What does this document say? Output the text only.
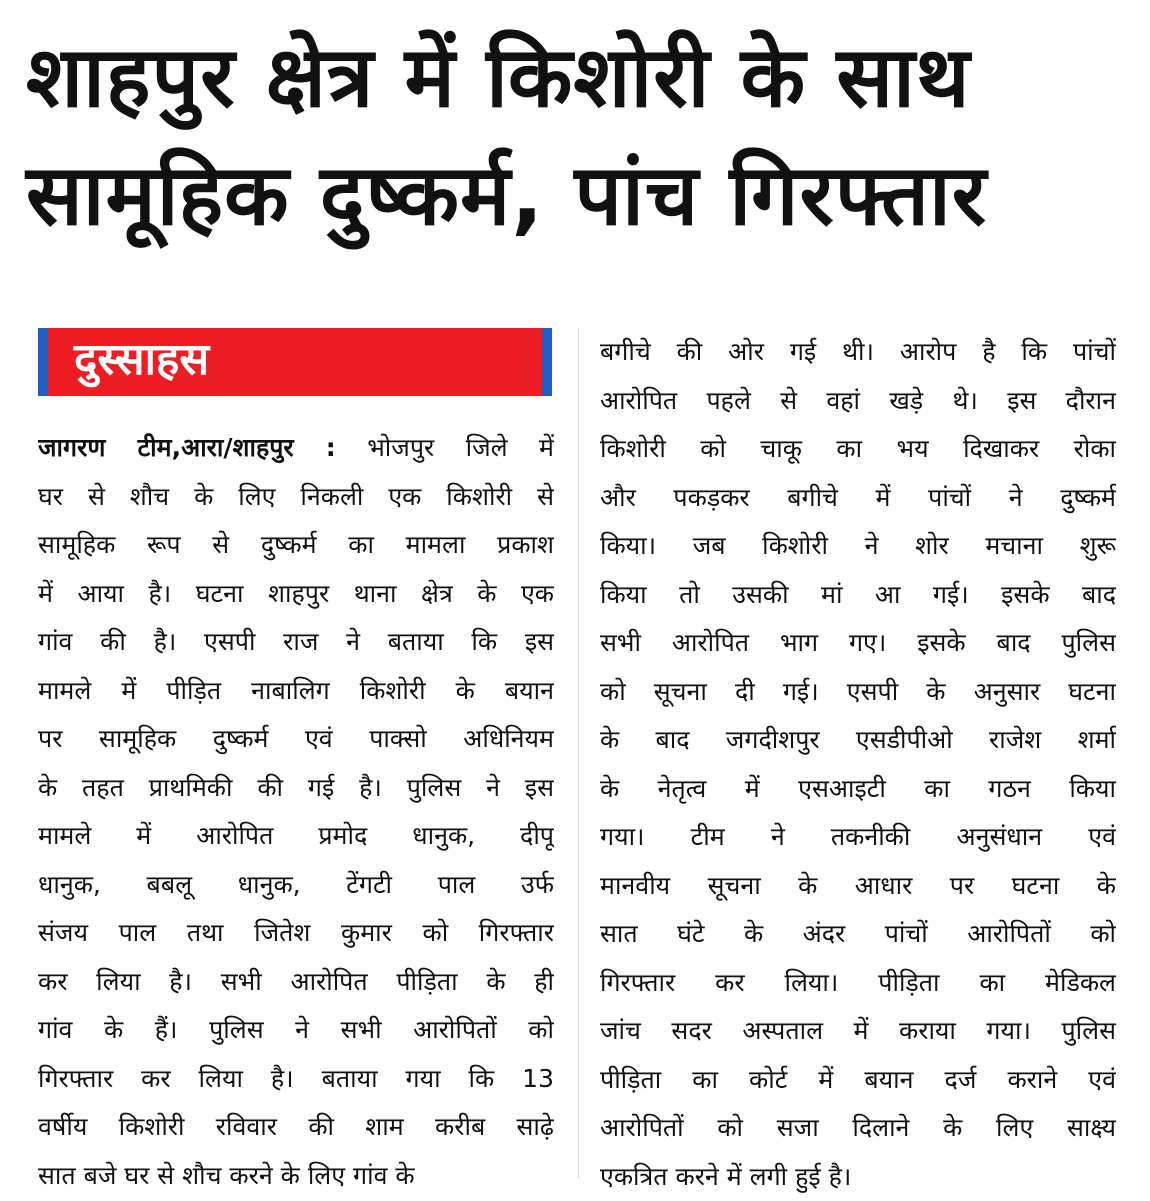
शाहपुर क्षेत्र में किशोरी के साथ
सामूहिक दुष्कर्म, पांच गिरफ्तार
दुस्साहस
जागरण टीम,आरा/शाहपुर : भोजपुर जिले में
घर से शौच के लिए निकली एक किशोरी से
सामूहिक रूप से दुष्कर्म का मामला प्रकाश
में आया है। घटना शाहपुर थाना क्षेत्र के एक
गांव की है। एसपी राज ने बताया कि इस
मामले में पीड़ित नाबालिग किशोरी के बयान
पर सामूहिक दुष्कर्म एवं पाक्सो अधिनियम
के तहत प्राथमिकी की गई है। पुलिस ने इस
मामले में आरोपित प्रमोद धानुक, दीपू
धानुक, बबलू धानुक, टेंगटी पाल उर्फ
संजय पाल तथा जितेश कुमार को गिरफ्तार
कर लिया है। सभी आरोपित पीड़िता के ही
गांव के हैं। पुलिस ने सभी आरोपितों को
गिरफ्तार कर लिया है। बताया गया कि 13
वर्षीय किशोरी रविवार की शाम करीब साढ़े
सात बजे घर से शौच करने के लिए गांव के
बगीचे की ओर गई थी। आरोप है कि पांचों
आरोपित पहले से वहां खड़े थे। इस दौरान
किशोरी को चाकू का भय दिखाकर रोका
और पकड़कर बगीचे में पांचों ने दुष्कर्म
किया। जब किशोरी ने शोर मचाना शुरू
किया तो उसकी मां आ गई। इसके बाद
सभी आरोपित भाग गए। इसके बाद पुलिस
को सूचना दी गई। एसपी के अनुसार घटना
के बाद जगदीशपुर एसडीपीओ राजेश शर्मा
के नेतृत्व में एसआइटी का गठन किया
गया। टीम ने तकनीकी अनुसंधान एवं
मानवीय सूचना के आधार पर घटना के
सात घंटे के अंदर पांचों आरोपितों को
गिरफ्तार कर लिया। पीड़िता का मेडिकल
जांच सदर अस्पताल में कराया गया। पुलिस
पीड़िता का कोर्ट में बयान दर्ज कराने एवं
आरोपितों को सजा दिलाने के लिए साक्ष्य
एकत्रित करने में लगी हुई है।
